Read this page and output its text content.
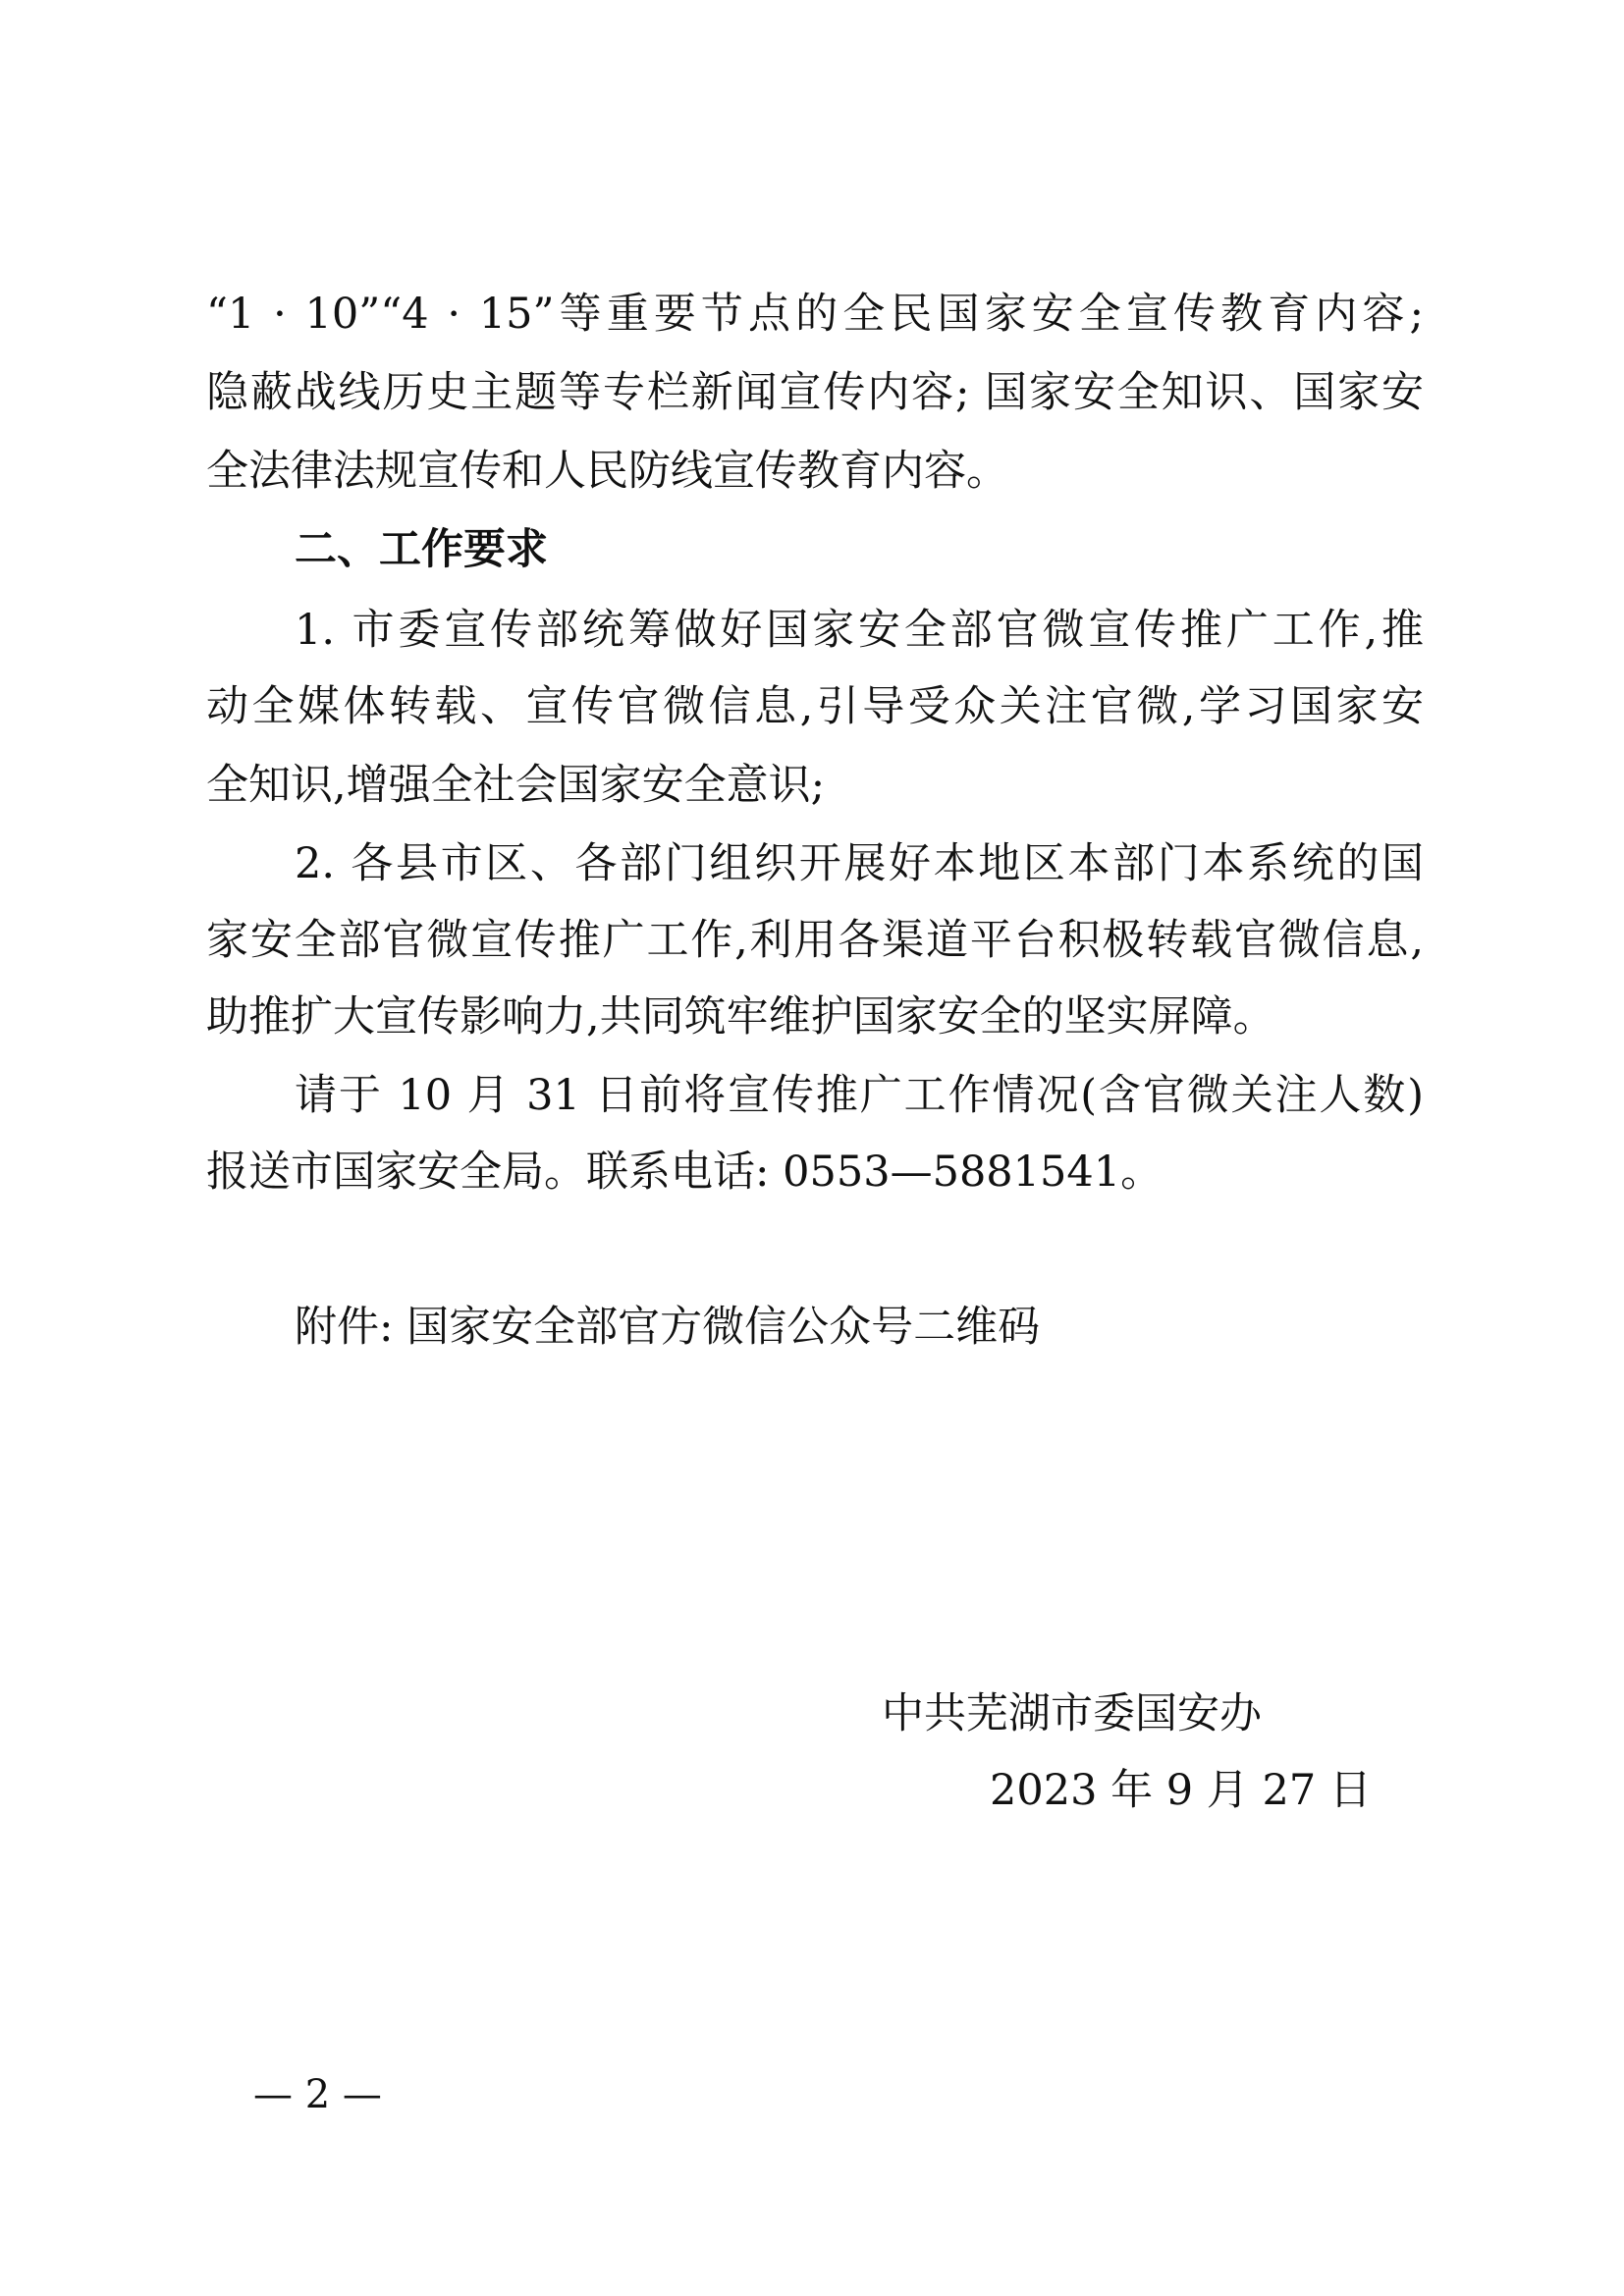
“1 · 10”“4 · 15”等重要节点的全民国家安全宣传教育内容;
隐蔽战线历史主题等专栏新闻宣传内容; 国家安全知识、国家安
全法律法规宣传和人民防线宣传教育内容。
二、工作要求
1. 市委宣传部统筹做好国家安全部官微宣传推广工作,推
动全媒体转载、宣传官微信息,引导受众关注官微,学习国家安
全知识,增强全社会国家安全意识;
2. 各县市区、各部门组织开展好本地区本部门本系统的国
家安全部官微宣传推广工作,利用各渠道平台积极转载官微信息,
助推扩大宣传影响力,共同筑牢维护国家安全的坚实屏障。
请于 10 月 31 日前将宣传推广工作情况(含官微关注人数)
报送市国家安全局。联系电话: 0553—5881541。
附件: 国家安全部官方微信公众号二维码
中共芜湖市委国安办
2023 年 9 月 27 日
— 2 —
